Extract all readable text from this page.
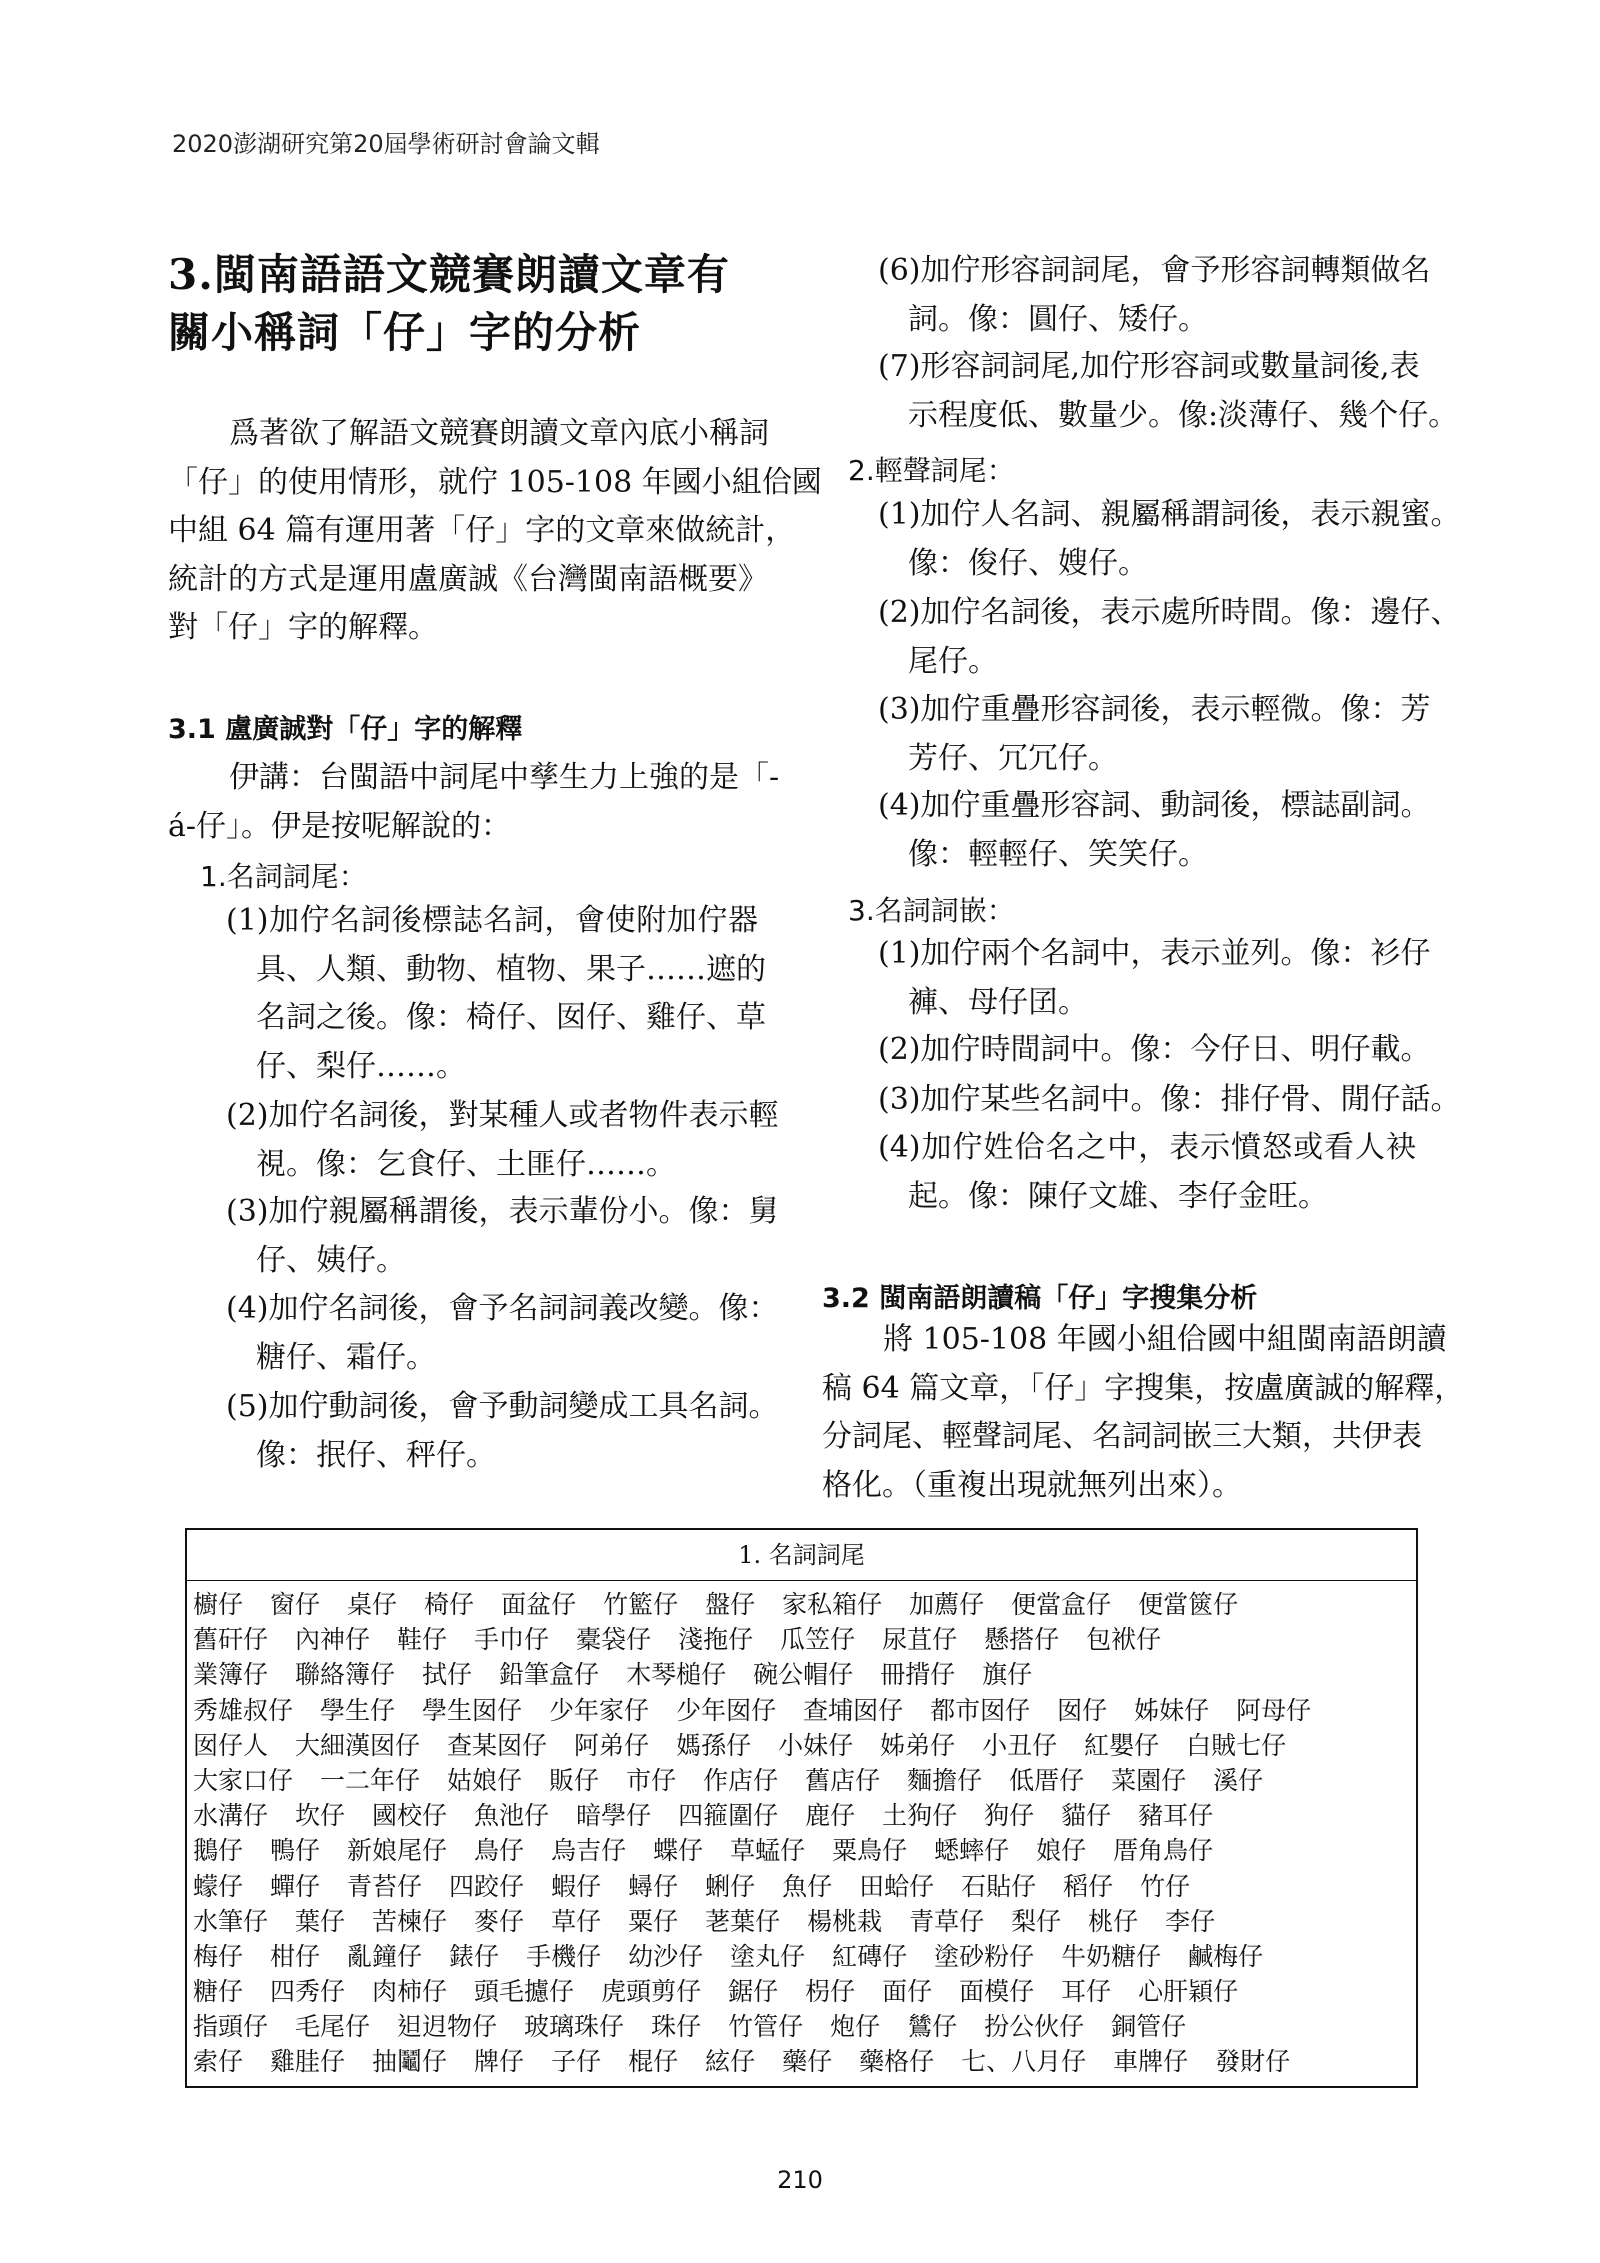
2020澎湖研究第20屆學術研討會論文輯
3.閩南語語文競賽朗讀文章有
關小稱詞「仔」字的分析
爲著欲了解語文競賽朗讀文章內底小稱詞
「仔」的使用情形，就佇 105-108 年國小組佮國
中組 64 篇有運用著「仔」字的文章來做統計，
統計的方式是運用盧廣誠《台灣閩南語概要》
對「仔」字的解釋。
3.1 盧廣誠對「仔」字的解釋
伊講：台閩語中詞尾中孳生力上強的是「-
á-仔」。伊是按呢解說的：
1.名詞詞尾：
(1)加佇名詞後標誌名詞，會使附加佇器
具、人類、動物、植物、果子……遮的
名詞之後。像：椅仔、囡仔、雞仔、草
仔、梨仔……。
(2)加佇名詞後，對某種人或者物件表示輕
視。像：乞食仔、土匪仔……。
(3)加佇親屬稱謂後，表示輩份小。像：舅
仔、姨仔。
(4)加佇名詞後，會予名詞詞義改變。像：
糖仔、霜仔。
(5)加佇動詞後，會予動詞變成工具名詞。
像：抿仔、秤仔。
(6)加佇形容詞詞尾，會予形容詞轉類做名
詞。像：圓仔、矮仔。
(7)形容詞詞尾,加佇形容詞或數量詞後,表
示程度低、數量少。像:淡薄仔、幾个仔。
2.輕聲詞尾：
(1)加佇人名詞、親屬稱謂詞後，表示親蜜。
像：俊仔、嫂仔。
(2)加佇名詞後，表示處所時間。像：邊仔、
尾仔。
(3)加佇重疊形容詞後，表示輕微。像：芳
芳仔、冗冗仔。
(4)加佇重疊形容詞、動詞後，標誌副詞。
像：輕輕仔、笑笑仔。
3.名詞詞嵌：
(1)加佇兩个名詞中，表示並列。像：衫仔
褲、母仔囝。
(2)加佇時間詞中。像：今仔日、明仔載。
(3)加佇某些名詞中。像：排仔骨、閒仔話。
(4)加佇姓佮名之中，表示憤怒或看人袂
起。像：陳仔文雄、李仔金旺。
3.2 閩南語朗讀稿「仔」字搜集分析
將 105-108 年國小組佮國中組閩南語朗讀
稿 64 篇文章，「仔」字搜集，按盧廣誠的解釋，
分詞尾、輕聲詞尾、名詞詞嵌三大類，共伊表
格化。（重複出現就無列出來）。
1. 名詞詞尾
櫥仔 窗仔 桌仔 椅仔 面盆仔 竹籃仔 盤仔 家私箱仔 加薦仔 便當盒仔 便當篋仔
舊矸仔 內神仔 鞋仔 手巾仔 橐袋仔 淺拖仔 瓜笠仔 尿苴仔 懸搭仔 包袱仔
業簿仔 聯絡簿仔 拭仔 鉛筆盒仔 木琴槌仔 碗公帽仔 冊揹仔 旗仔
秀雄叔仔 學生仔 學生囡仔 少年家仔 少年囡仔 查埔囡仔 都市囡仔 囡仔 姊妹仔 阿母仔
囡仔人 大細漢囡仔 查某囡仔 阿弟仔 媽孫仔 小妹仔 姊弟仔 小丑仔 紅嬰仔 白賊七仔
大家口仔 一二年仔 姑娘仔 販仔 市仔 作店仔 舊店仔 麵擔仔 低厝仔 菜園仔 溪仔
水溝仔 坎仔 國校仔 魚池仔 暗學仔 四箍圍仔 鹿仔 土狗仔 狗仔 貓仔 豬耳仔
鵝仔 鴨仔 新娘尾仔 鳥仔 烏吉仔 蝶仔 草蜢仔 粟鳥仔 蟋蟀仔 娘仔 厝角鳥仔
蠓仔 蟬仔 青苔仔 四跤仔 蝦仔 蟳仔 蜊仔 魚仔 田蛤仔 石貼仔 稻仔 竹仔
水筆仔 葉仔 苦楝仔 麥仔 草仔 粟仔 荖葉仔 楊桃栽 青草仔 梨仔 桃仔 李仔
梅仔 柑仔 亂鐘仔 錶仔 手機仔 幼沙仔 塗丸仔 紅磚仔 塗砂粉仔 牛奶糖仔 鹹梅仔
糖仔 四秀仔 肉柿仔 頭毛攄仔 虎頭剪仔 鋸仔 枴仔 面仔 面模仔 耳仔 心肝穎仔
指頭仔 毛尾仔 𨑨迌物仔 玻璃珠仔 珠仔 竹管仔 炮仔 鷥仔 扮公伙仔 銅管仔
索仔 雞胿仔 抽鬮仔 牌仔 子仔 棍仔 絃仔 藥仔 藥格仔 七、八月仔 車牌仔 發財仔
210
